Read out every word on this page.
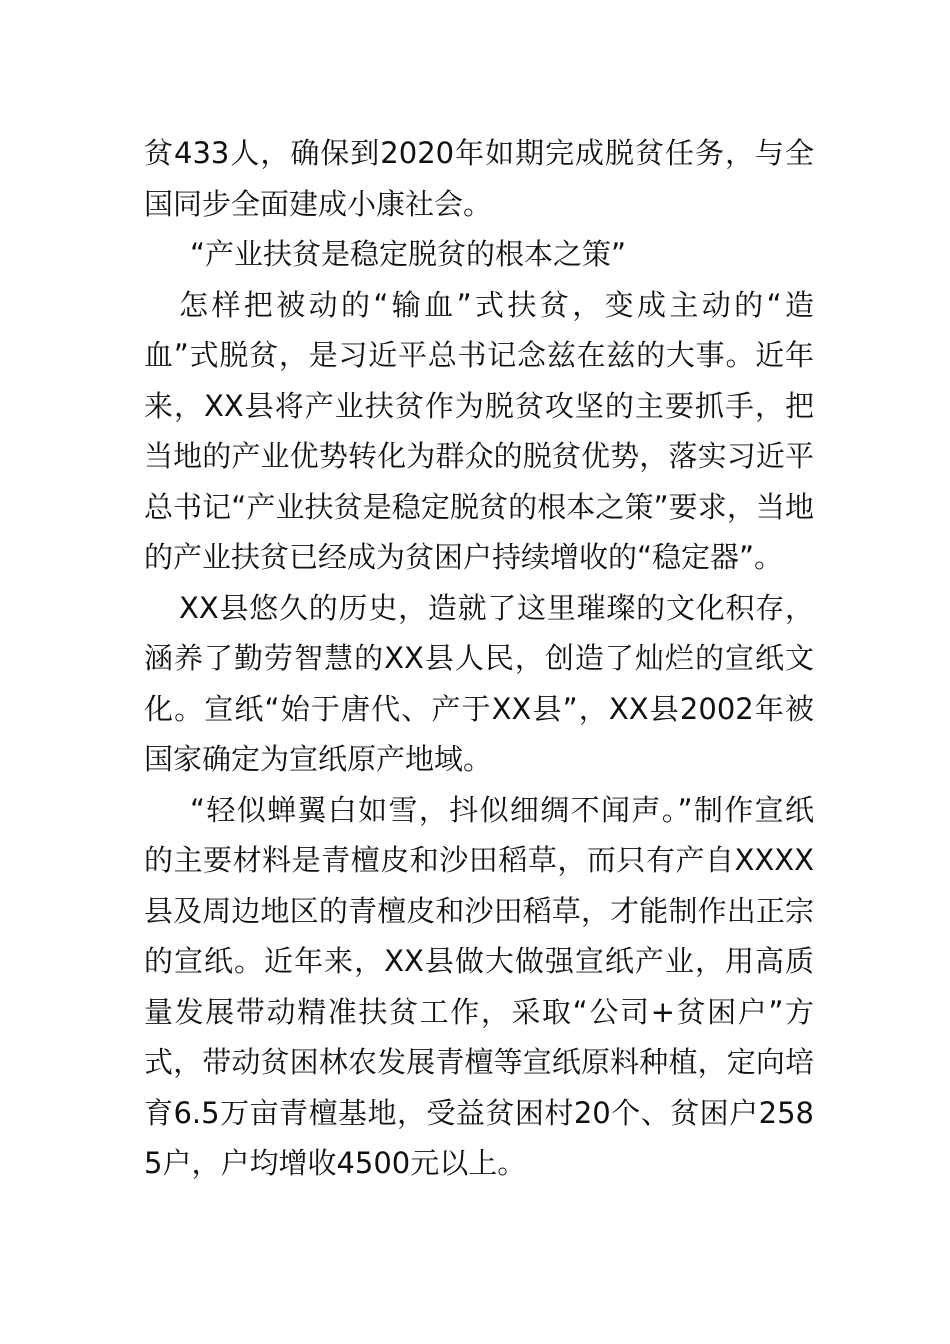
贫433人，确保到2020年如期完成脱贫任务，与全国同步全面建成小康社会。

“产业扶贫是稳定脱贫的根本之策”

怎样把被动的“输血”式扶贫，变成主动的“造血”式脱贫，是习近平总书记念兹在兹的大事。近年来，XX县将产业扶贫作为脱贫攻坚的主要抓手，把当地的产业优势转化为群众的脱贫优势，落实习近平总书记“产业扶贫是稳定脱贫的根本之策”要求，当地的产业扶贫已经成为贫困户持续增收的“稳定器”。

XX县悠久的历史，造就了这里璀璨的文化积存，涵养了勤劳智慧的XX县人民，创造了灿烂的宣纸文化。宣纸“始于唐代、产于XX县”，XX县2002年被国家确定为宣纸原产地域。

“轻似蝉翼白如雪，抖似细绸不闻声。”制作宣纸的主要材料是青檀皮和沙田稻草，而只有产自XXXX县及周边地区的青檀皮和沙田稻草，才能制作出正宗的宣纸。近年来，XX县做大做强宣纸产业，用高质量发展带动精准扶贫工作，采取“公司+贫困户”方式，带动贫困林农发展青檀等宣纸原料种植，定向培育6.5万亩青檀基地，受益贫困村20个、贫困户2585户，户均增收4500元以上。
